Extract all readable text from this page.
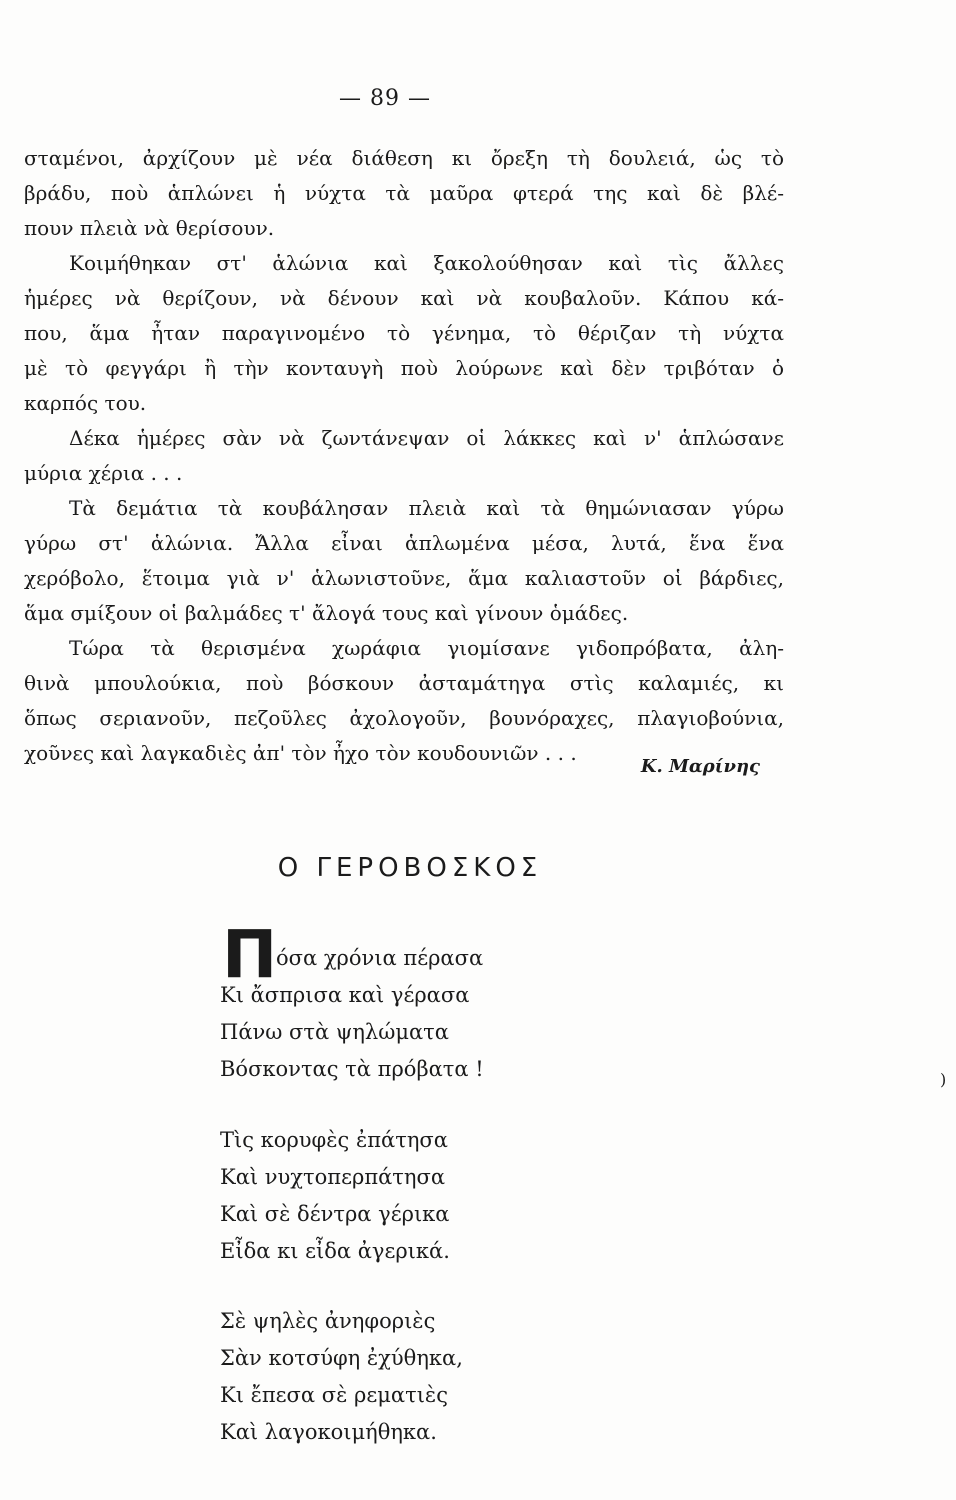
— 89 —
σταμένοι, ἀρχίζουν μὲ νέα διάθεση κι ὄρεξη τὴ δουλειά, ὡς τὸ
βράδυ, ποὺ ἁπλώνει ἡ νύχτα τὰ μαῦρα φτερά της καὶ δὲ βλέ-
πουν πλειὰ νὰ θερίσουν.
Κοιμήθηκαν στ' ἁλώνια καὶ ξακολούθησαν καὶ τὶς ἄλλες
ἡμέρες νὰ θερίζουν, νὰ δένουν καὶ νὰ κουβαλοῦν. Κάπου κά-
που, ἅμα ἦταν παραγινομένο τὸ γένημα, τὸ θέριζαν τὴ νύχτα
μὲ τὸ φεγγάρι ἢ τὴν κονταυγὴ ποὺ λούρωνε καὶ δὲν τριβόταν ὁ
καρπός του.
Δέκα ἡμέρες σὰν νὰ ζωντάνεψαν οἱ λάκκες καὶ ν' ἁπλώσανε
μύρια χέρια . . .
Τὰ δεμάτια τὰ κουβάλησαν πλειὰ καὶ τὰ θημώνιασαν γύρω
γύρω στ' ἁλώνια. Ἄλλα εἶναι ἁπλωμένα μέσα, λυτά, ἕνα ἕνα
χερόβολο, ἕτοιμα γιὰ ν' ἁλωνιστοῦνε, ἅμα καλιαστοῦν οἱ βάρδιες,
ἅμα σμίξουν οἱ βαλμάδες τ' ἄλογά τους καὶ γίνουν ὁμάδες.
Τώρα τὰ θερισμένα χωράφια γιομίσανε γιδοπρόβατα, ἀλη-
θινὰ μπουλούκια, ποὺ βόσκουν ἀσταμάτηγα στὶς καλαμιές, κι
ὅπως σεριανοῦν, πεζοῦλες ἀχολογοῦν, βουνόραχες, πλαγιοβούνια,
χοῦνες καὶ λαγκαδιὲς ἀπ' τὸν ἦχο τὸν κουδουνιῶν . . .
Κ. Μαρίνης
Ο ΓΕΡΟΒΟΣΚΟΣ
Π
όσα χρόνια πέρασα
Κι ἄσπρισα καὶ γέρασα
Πάνω στὰ ψηλώματα
Βόσκοντας τὰ πρόβατα !
Τὶς κορυφὲς ἐπάτησα
Καὶ νυχτοπερπάτησα
Καὶ σὲ δέντρα γέρικα
Εἶδα κι εἶδα ἀγερικά.
Σὲ ψηλὲς ἀνηφοριὲς
Σὰν κοτσύφη ἐχύθηκα,
Κι ἔπεσα σὲ ρεματιὲς
Καὶ λαγοκοιμήθηκα.
)
